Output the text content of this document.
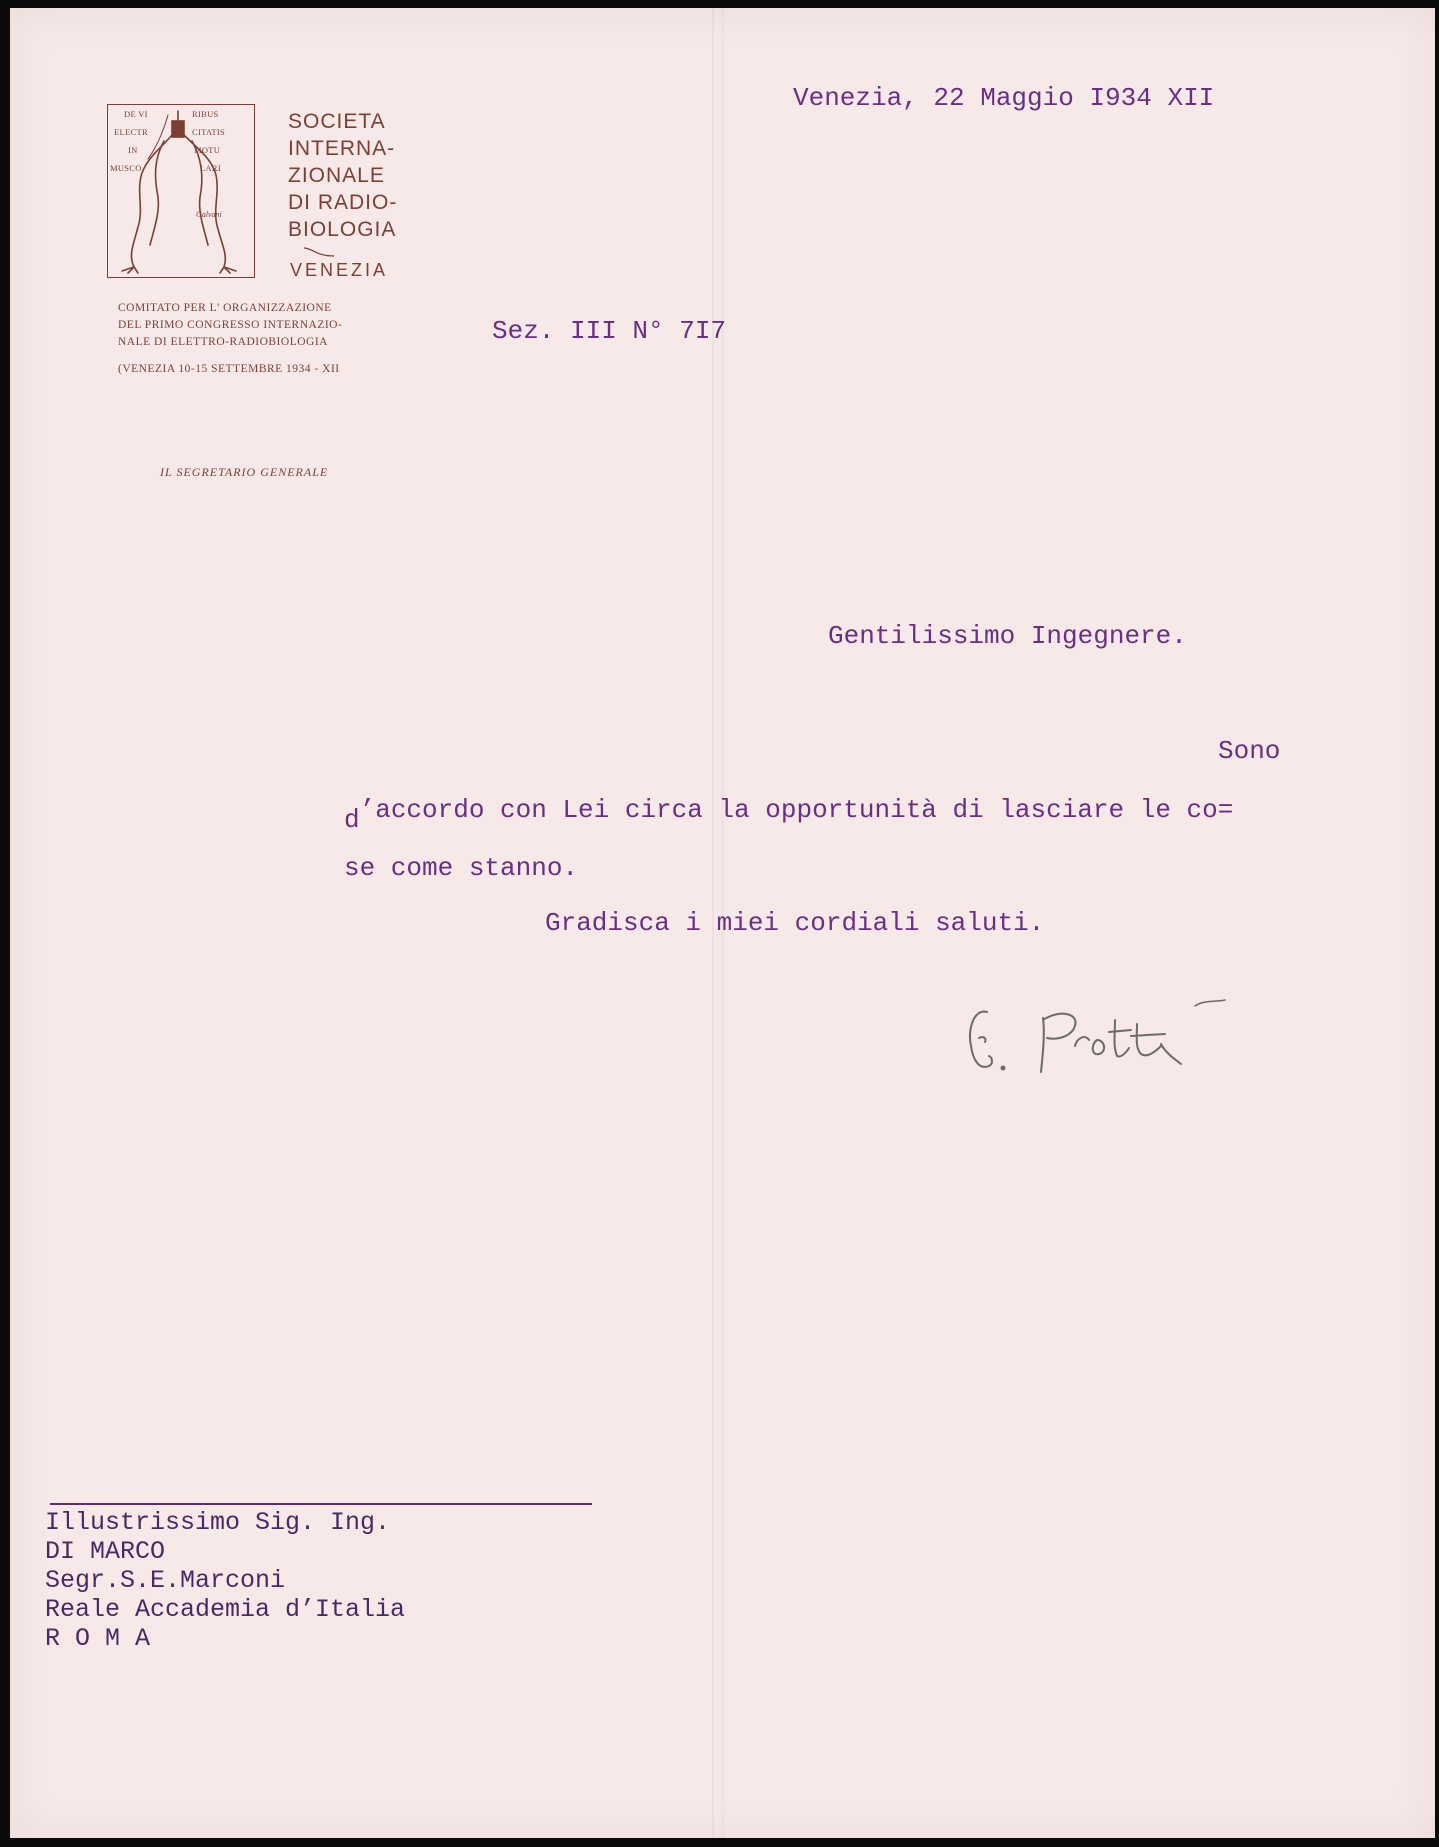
DE VI	RIBUS
ELECTR	CITATIS
IN	MOTU
MUSCO	LARI
Galvani
SOCIETA
INTERNA-
ZIONALE
DI RADIO-
BIOLOGIA
VENEZIA
COMITATO PER L' ORGANIZZAZIONE
DEL PRIMO CONGRESSO INTERNAZIO-
NALE DI ELETTRO-RADIOBIOLOGIA
(VENEZIA 10-15 SETTEMBRE 1934 - XII
IL SEGRETARIO GENERALE
Venezia, 22 Maggio I934 XII
Sez. III N° 7I7
Gentilissimo Ingegnere.
Sono
d’accordo con Lei circa la opportunità di lasciare le co=
se come stanno.
Gradisca i miei cordiali saluti.
Illustrissimo Sig. Ing.
DI MARCO
Segr.S.E.Marconi
Reale Accademia d’Italia
R O M A
